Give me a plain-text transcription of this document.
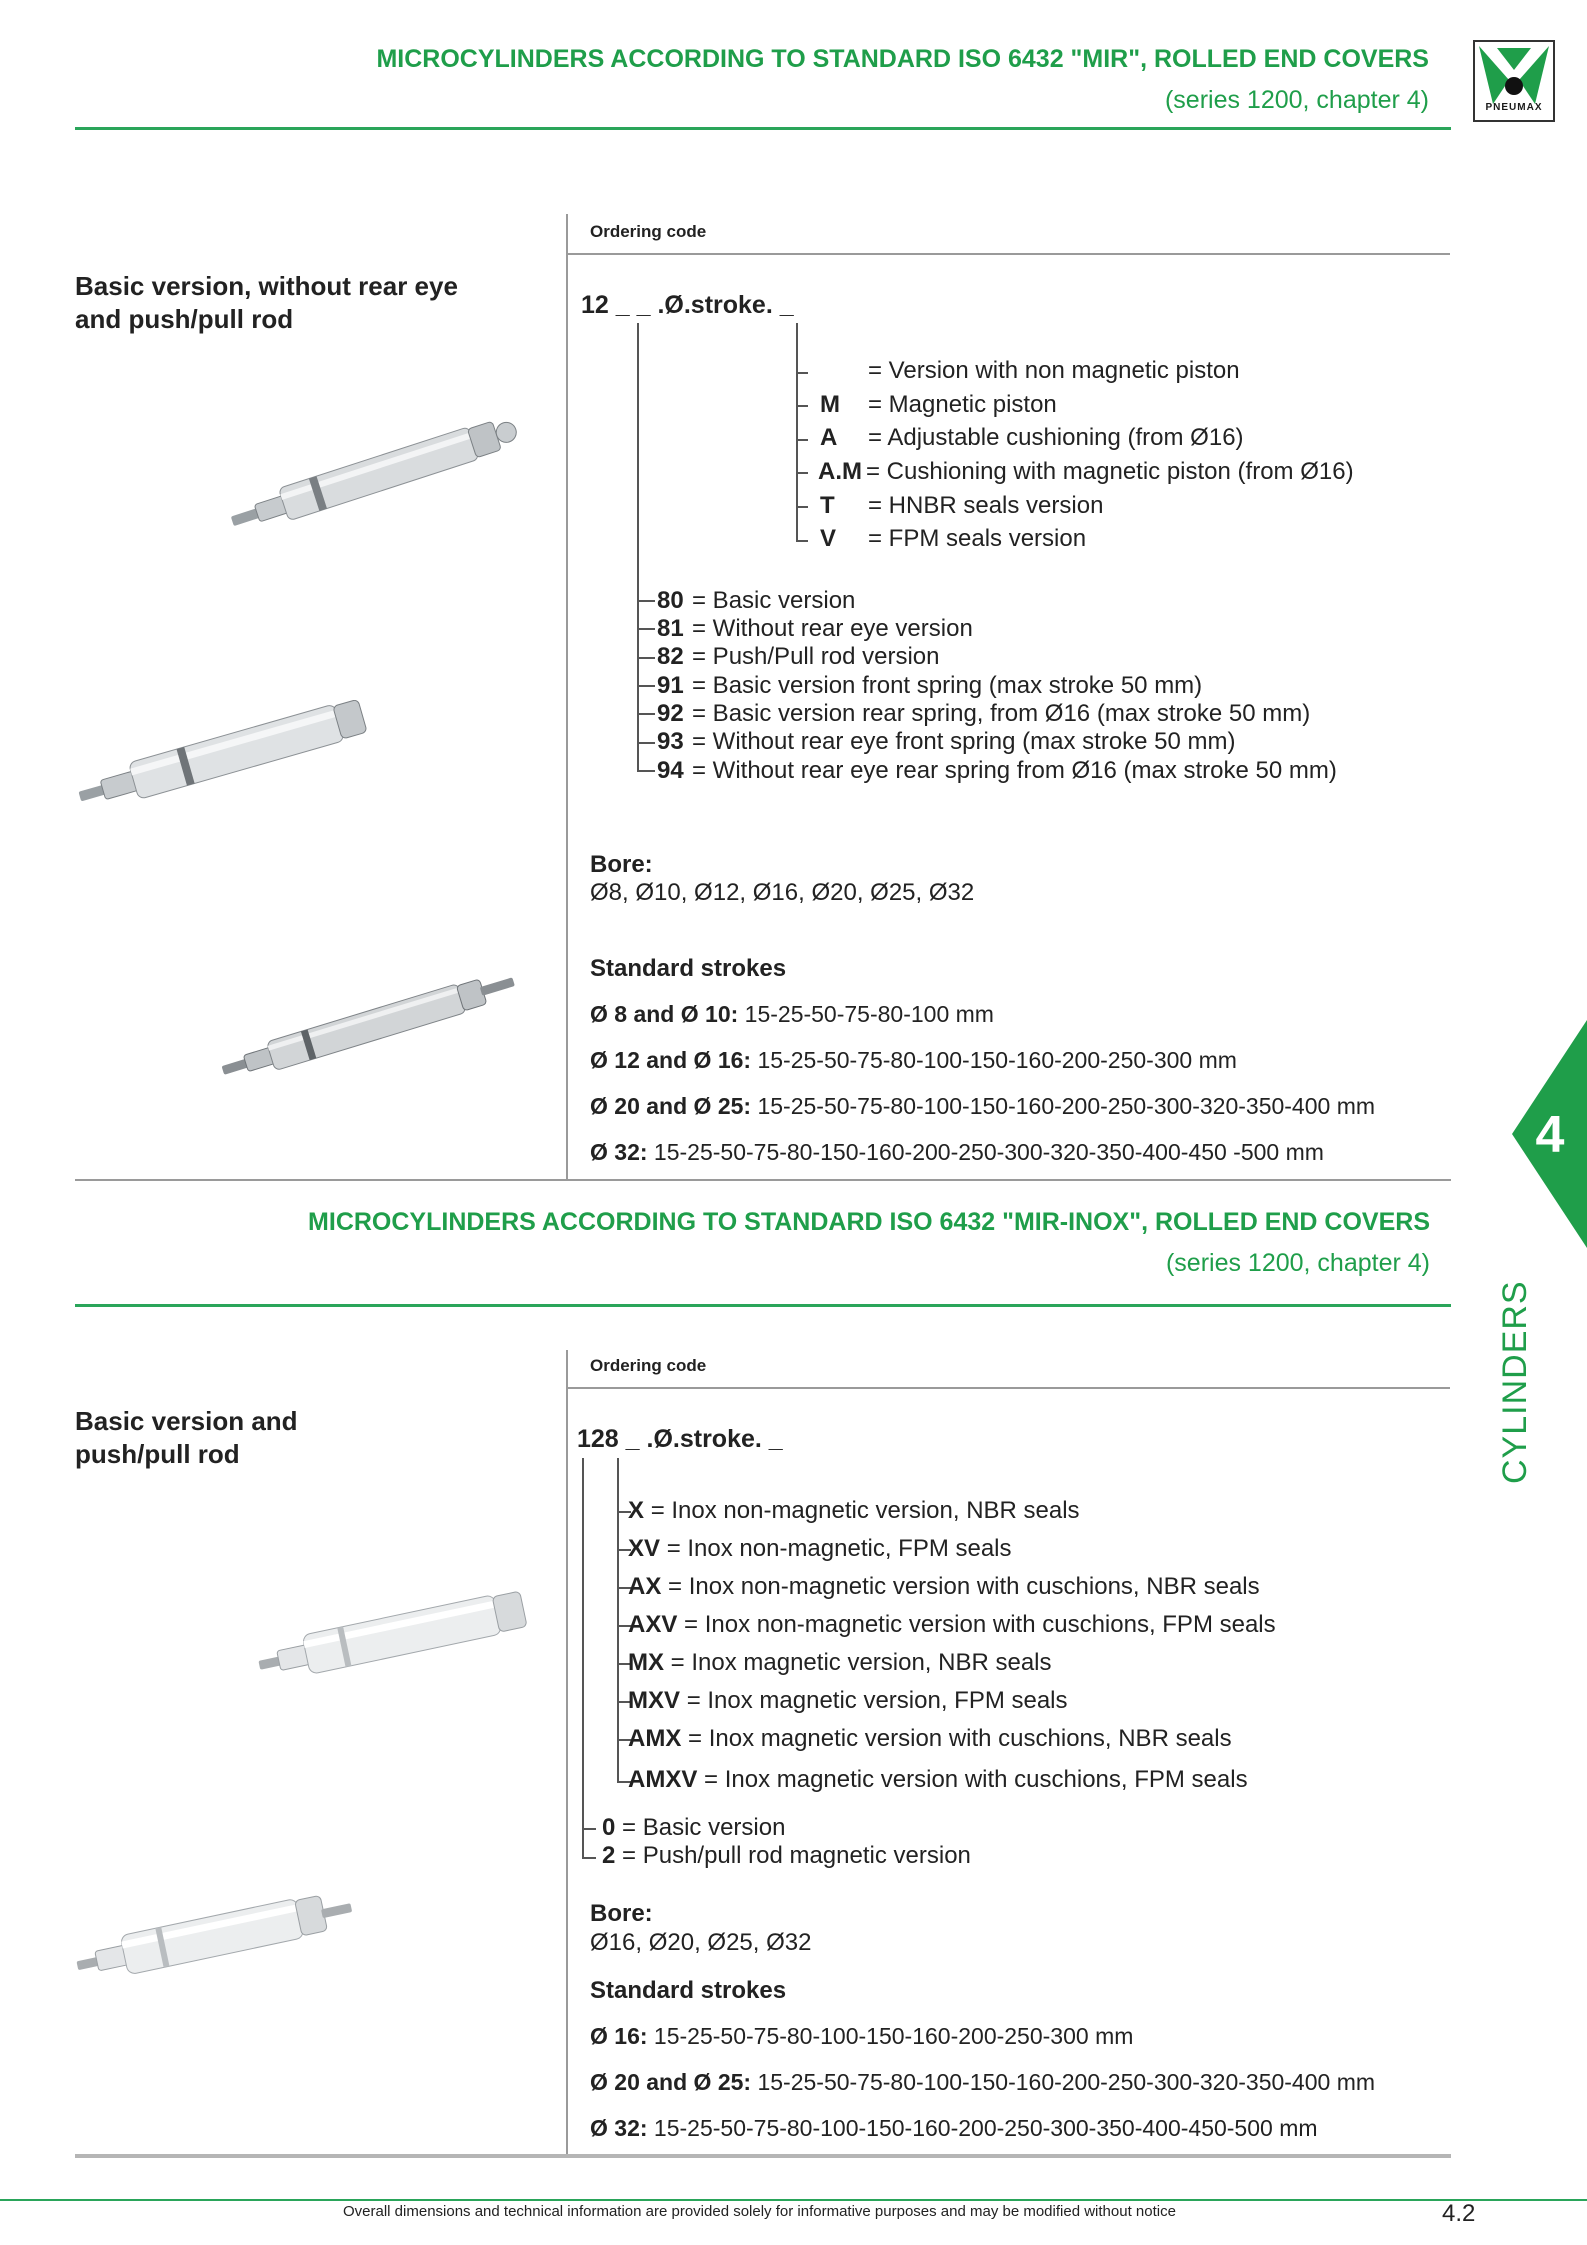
MICROCYLINDERS ACCORDING TO STANDARD ISO 6432 "MIR", ROLLED END COVERS
(series 1200, chapter 4)	PNEUMAX
Ordering code
Basic version, without rear eye
and push/pull rod	12 _ _ .Ø.stroke. _
= Version with non magnetic piston
M = Magnetic piston
A = Adjustable cushioning (from Ø16)
A.M = Cushioning with magnetic piston (from Ø16)
T = HNBR seals version
V = FPM seals version
80 = Basic version
81 = Without rear eye version
82 = Push/Pull rod version
91 = Basic version front spring (max stroke 50 mm)
92 = Basic version rear spring, from Ø16 (max stroke 50 mm)
93 = Without rear eye front spring (max stroke 50 mm)
94 = Without rear eye rear spring from Ø16 (max stroke 50 mm)
Bore:
Ø8, Ø10, Ø12, Ø16, Ø20, Ø25, Ø32
Standard strokes
Ø 8 and Ø 10: 15-25-50-75-80-100 mm
Ø 12 and Ø 16: 15-25-50-75-80-100-150-160-200-250-300 mm
Ø 20 and Ø 25: 15-25-50-75-80-100-150-160-200-250-300-320-350-400 mm
Ø 32: 15-25-50-75-80-150-160-200-250-300-320-350-400-450 -500 mm
MICROCYLINDERS ACCORDING TO STANDARD ISO 6432 "MIR-INOX", ROLLED END COVERS
(series 1200, chapter 4)
Ordering code
Basic version and
push/pull rod	128 _ .Ø.stroke. _
X = Inox non-magnetic version, NBR seals
XV = Inox non-magnetic, FPM seals
AX = Inox non-magnetic version with cuschions, NBR seals
AXV = Inox non-magnetic version with cuschions, FPM seals
MX = Inox magnetic version, NBR seals
MXV = Inox magnetic version, FPM seals
AMX = Inox magnetic version with cuschions, NBR seals
AMXV = Inox magnetic version with cuschions, FPM seals
0 = Basic version
2 = Push/pull rod magnetic version
Bore:
Ø16, Ø20, Ø25, Ø32
Standard strokes
Ø 16: 15-25-50-75-80-100-150-160-200-250-300 mm
Ø 20 and Ø 25: 15-25-50-75-80-100-150-160-200-250-300-320-350-400 mm
Ø 32: 15-25-50-75-80-100-150-160-200-250-300-350-400-450-500 mm
4
CYLINDERS
Overall dimensions and technical information are provided solely for informative purposes and may be modified without notice	4.2
